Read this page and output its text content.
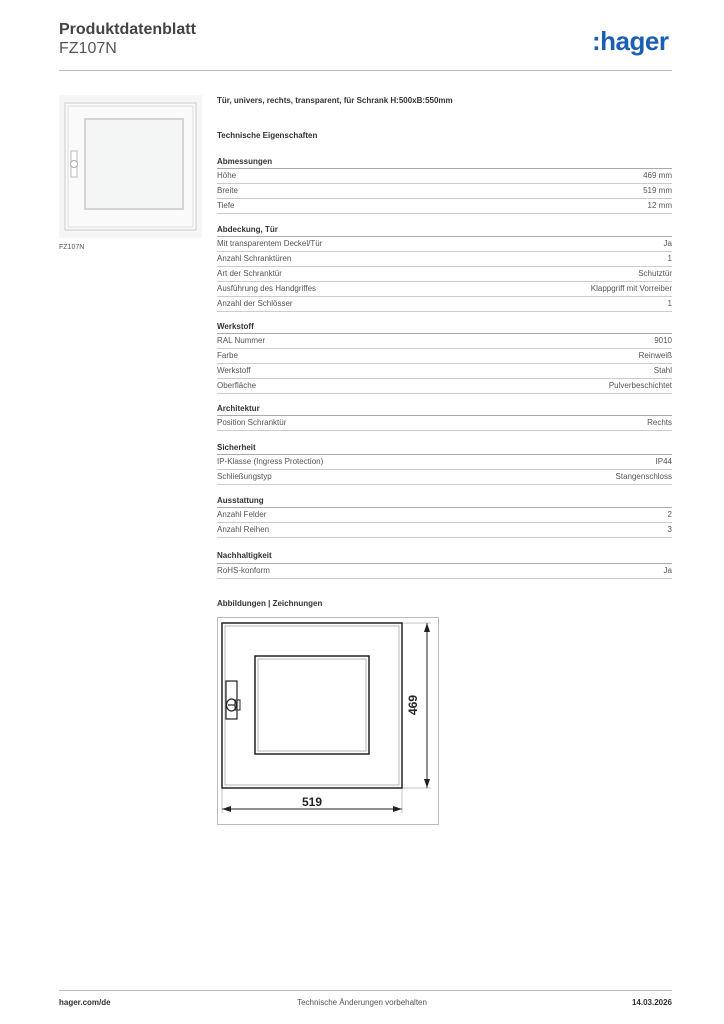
Produktdatenblatt
FZ107N	:hager
FZ107N
Tür, univers, rechts, transparent, für Schrank H:500xB:550mm
Technische Eigenschaften
Abmessungen
Höhe	469 mm
Breite	519 mm
Tiefe	12 mm
Abdeckung, Tür
Mit transparentem Deckel/Tür	Ja
Anzahl Schranktüren	1
Art der Schranktür	Schutztür
Ausführung des Handgriffes	Klappgriff mit Vorreiber
Anzahl der Schlösser	1
Werkstoff
RAL Nummer	9010
Farbe	Reinweiß
Werkstoff	Stahl
Oberfläche	Pulverbeschichtet
Architektur
Position Schranktür	Rechts
Sicherheit
IP-Klasse (Ingress Protection)	IP44
Schließungstyp	Stangenschloss
Ausstattung
Anzahl Felder	2
Anzahl Reihen	3
Nachhaltigkeit
RoHS-konform	Ja
Abbildungen | Zeichnungen
469
519
hager.com/de	Technische Änderungen vorbehalten	14.03.2026
